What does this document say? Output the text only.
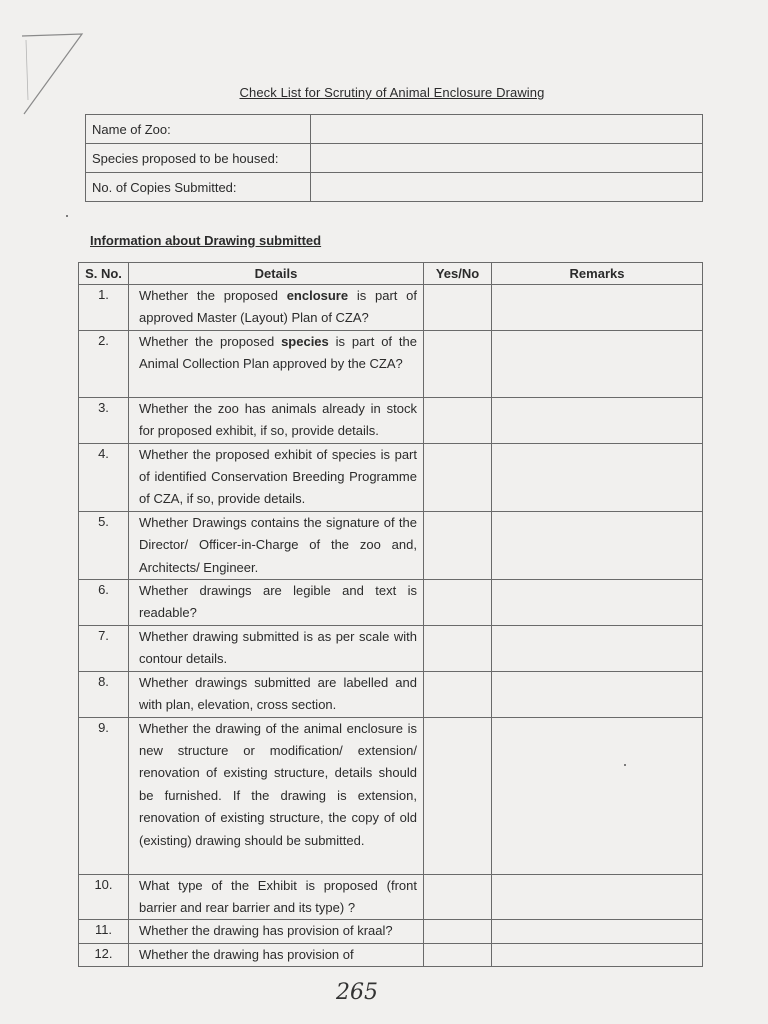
Check List for Scrutiny of Animal Enclosure Drawing
Name of Zoo:	
Species proposed to be housed:	
No. of Copies Submitted:	
Information about Drawing submitted
S. No.	Details	Yes/No	Remarks
1.	Whether the proposed enclosure is part of approved Master (Layout) Plan of CZA?		
2.	Whether the proposed species is part of the Animal Collection Plan approved by the CZA?		
3.	Whether the zoo has animals already in stock for proposed exhibit, if so, provide details.		
4.	Whether the proposed exhibit of species is part of identified Conservation Breeding Programme of CZA, if so, provide details.		
5.	Whether Drawings contains the signature of the Director/ Officer-in-Charge of the zoo and, Architects/ Engineer.		
6.	Whether drawings are legible and text is readable?		
7.	Whether drawing submitted is as per scale with contour details.		
8.	Whether drawings submitted are labelled and with plan, elevation, cross section.		
9.	Whether the drawing of the animal enclosure is new structure or modification/ extension/ renovation of existing structure, details should be furnished. If the drawing is extension, renovation of existing structure, the copy of old (existing) drawing should be submitted.		
10.	What type of the Exhibit is proposed (front barrier and rear barrier and its type) ?		
11.	Whether the drawing has provision of kraal?		
12.	Whether the drawing has provision of		
265
